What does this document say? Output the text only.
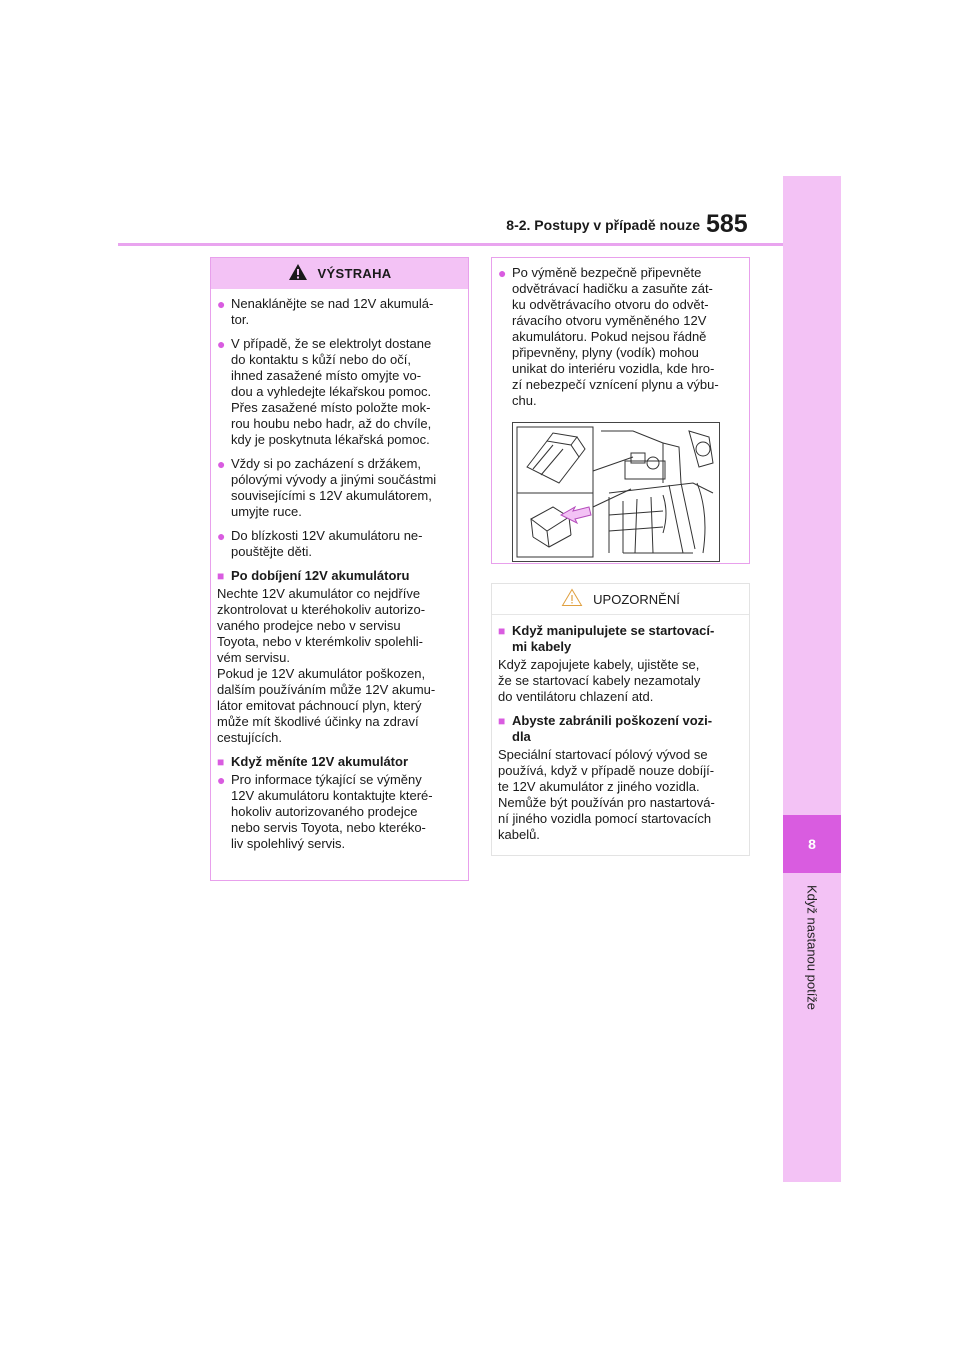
8-2. Postupy v případě nouze 585
8
Když nastanou potíže
VÝSTRAHA
● Nenaklánějte se nad 12V akumulá-
tor.
● V případě, že se elektrolyt dostane
do kontaktu s kůží nebo do očí,
ihned zasažené místo omyjte vo-
dou a vyhledejte lékařskou pomoc.
Přes zasažené místo položte mok-
rou houbu nebo hadr, až do chvíle,
kdy je poskytnuta lékařská pomoc.
● Vždy si po zacházení s držákem,
pólovými vývody a jinými součástmi
souvisejícími s 12V akumulátorem,
umyjte ruce.
● Do blízkosti 12V akumulátoru ne-
pouštějte děti.
■ Po dobíjení 12V akumulátoru

Nechte 12V akumulátor co nejdříve
zkontrolovat u kteréhokoliv autorizo-
vaného prodejce nebo v servisu
Toyota, nebo v kterémkoliv spolehli-
vém servisu.
Pokud je 12V akumulátor poškozen,
dalším používáním může 12V akumu-
látor emitovat páchnoucí plyn, který
může mít škodlivé účinky na zdraví
cestujících.

■ Když měníte 12V akumulátor
● Pro informace týkající se výměny
12V akumulátoru kontaktujte které-
hokoliv autorizovaného prodejce
nebo servis Toyota, nebo kteréko-
liv spolehlivý servis.
● Po výměně bezpečně připevněte
odvětrávací hadičku a zasuňte zát-
ku odvětrávacího otvoru do odvět-
rávacího otvoru vyměněného 12V
akumulátoru. Pokud nejsou řádně
připevněny, plyny (vodík) mohou
unikat do interiéru vozidla, kde hro-
zí nebezpečí vznícení plynu a výbu-
chu.
UPOZORNĚNÍ
■ Když manipulujete se startovací-
mi kabely

Když zapojujete kabely, ujistěte se,
že se startovací kabely nezamotaly
do ventilátoru chlazení atd.

■ Abyste zabránili poškození vozi-
dla

Speciální startovací pólový vývod se
používá, když v případě nouze dobíjí-
te 12V akumulátor z jiného vozidla.
Nemůže být používán pro nastartová-
ní jiného vozidla pomocí startovacích
kabelů.
